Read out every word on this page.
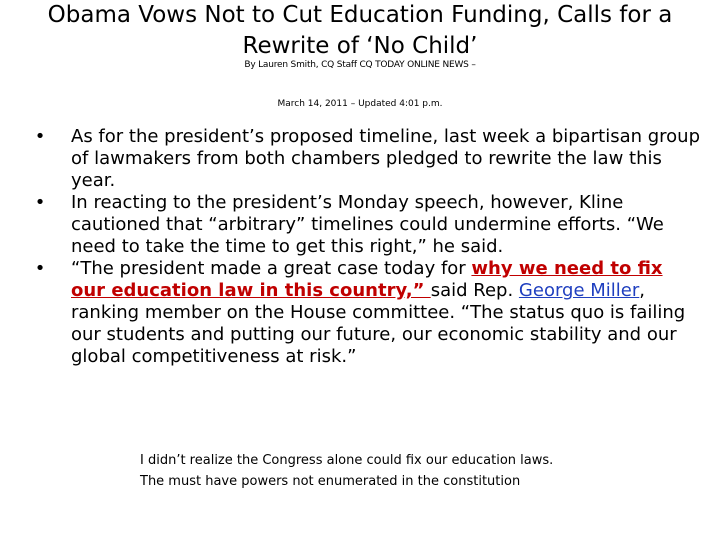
Obama Vows Not to Cut Education Funding, Calls for a
Rewrite of ‘No Child’

By Lauren Smith, CQ Staff CQ TODAY ONLINE NEWS –

March 14, 2011 – Updated 4:01 p.m.

• As for the president’s proposed timeline, last week a bipartisan group of lawmakers from both chambers pledged to rewrite the law this year.
• In reacting to the president’s Monday speech, however, Kline cautioned that “arbitrary” timelines could undermine efforts. “We need to take the time to get this right,” he said.
• “The president made a great case today for why we need to fix our education law in this country,” said Rep. George Miller, ranking member on the House committee. “The status quo is failing our students and putting our future, our economic stability and our global competitiveness at risk.”

I didn’t realize the Congress alone could fix our education laws.
The must have powers not enumerated in the constitution
